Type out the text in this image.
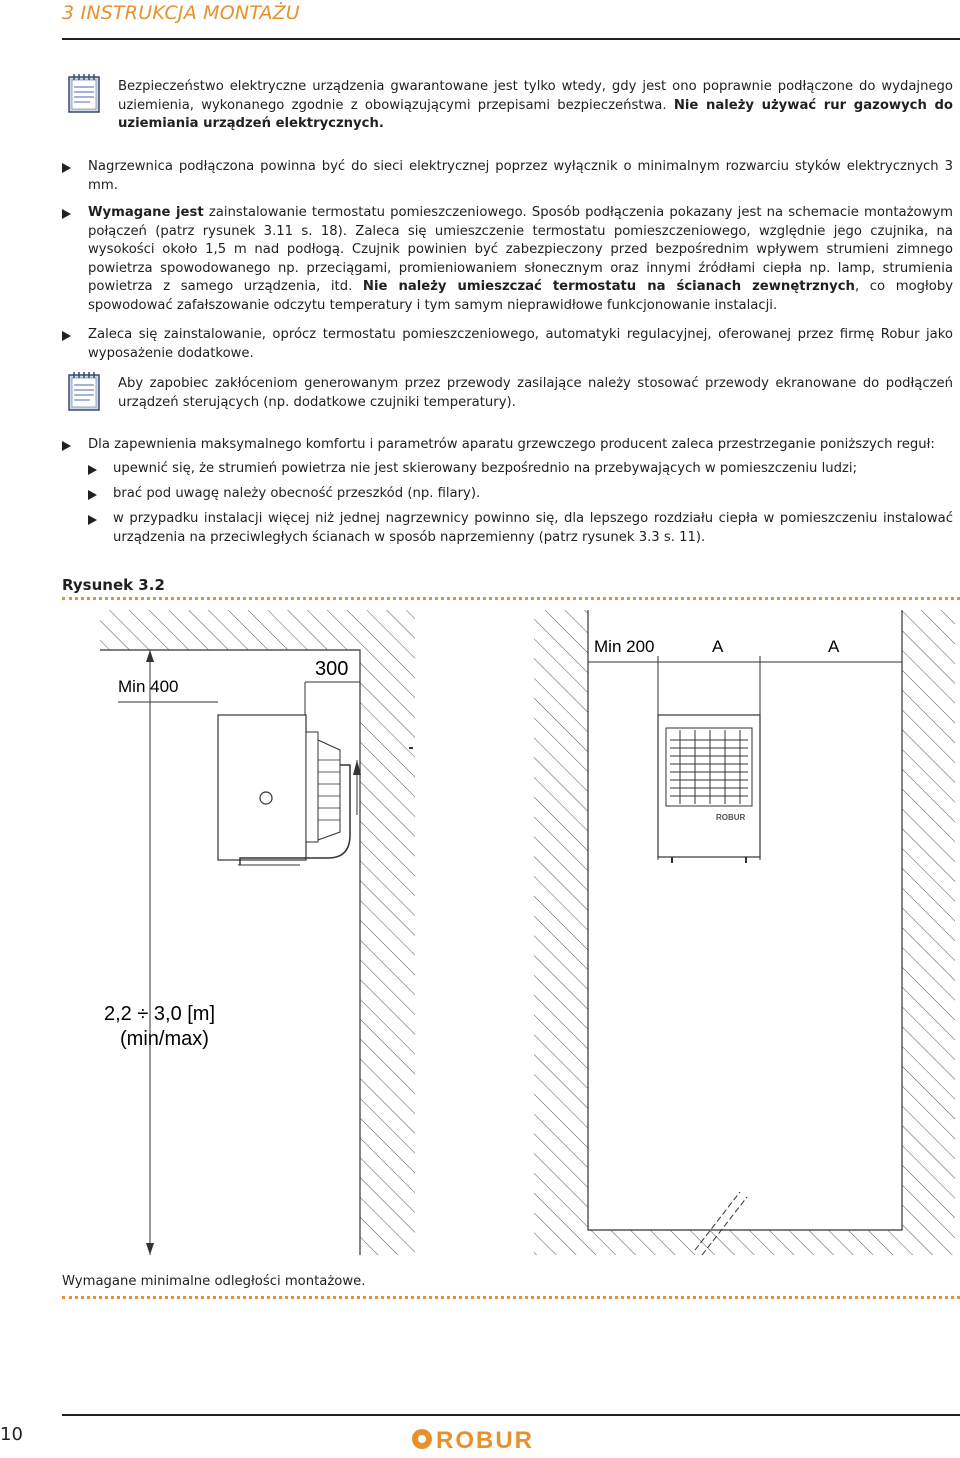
3 INSTRUKCJA MONTAŻU

Bezpieczeństwo elektryczne urządzenia gwarantowane jest tylko wtedy, gdy jest ono poprawnie podłączone do wydajnego uziemienia, wykonanego zgodnie z obowiązującymi przepisami bezpieczeństwa. Nie należy używać rur gazowych do uziemiania urządzeń elektrycznych.

Nagrzewnica podłączona powinna być do sieci elektrycznej poprzez wyłącznik o minimalnym rozwarciu styków elektrycznych 3 mm.

Wymagane jest zainstalowanie termostatu pomieszczeniowego. Sposób podłączenia pokazany jest na schemacie montażowym połączeń (patrz rysunek 3.11 s. 18). Zaleca się umieszczenie termostatu pomieszczeniowego, względnie jego czujnika, na wysokości około 1,5 m nad podłogą. Czujnik powinien być zabezpieczony przed bezpośrednim wpływem strumieni zimnego powietrza spowodowanego np. przeciągami, promieniowaniem słonecznym oraz innymi źródłami ciepła np. lamp, strumienia powietrza z samego urządzenia, itd. Nie należy umieszczać termostatu na ścianach zewnętrznych, co mogłoby spowodować zafałszowanie odczytu temperatury i tym samym nieprawidłowe funkcjonowanie instalacji.

Zaleca się zainstalowanie, oprócz termostatu pomieszczeniowego, automatyki regulacyjnej, oferowanej przez firmę Robur jako wyposażenie dodatkowe.

Aby zapobiec zakłóceniom generowanym przez przewody zasilające należy stosować przewody ekranowane do podłączeń urządzeń sterujących (np. dodatkowe czujniki temperatury).

Dla zapewnienia maksymalnego komfortu i parametrów aparatu grzewczego producent zaleca przestrzeganie poniższych reguł:

upewnić się, że strumień powietrza nie jest skierowany bezpośrednio na przebywających w pomieszczeniu ludzi;

brać pod uwagę należy obecność przeszkód (np. filary).

w przypadku instalacji więcej niż jednej nagrzewnicy powinno się, dla lepszego rozdziału ciepła w pomieszczeniu instalować urządzenia na przeciwległych ścianach w sposób naprzemienny (patrz rysunek 3.3 s. 11).

Rysunek 3.2
Min 400
300
2,2 ÷ 3,0 [m]
(min/max)
Min 200	A	A
ROBUR
Wymagane minimalne odległości montażowe.
10	ROBUR
